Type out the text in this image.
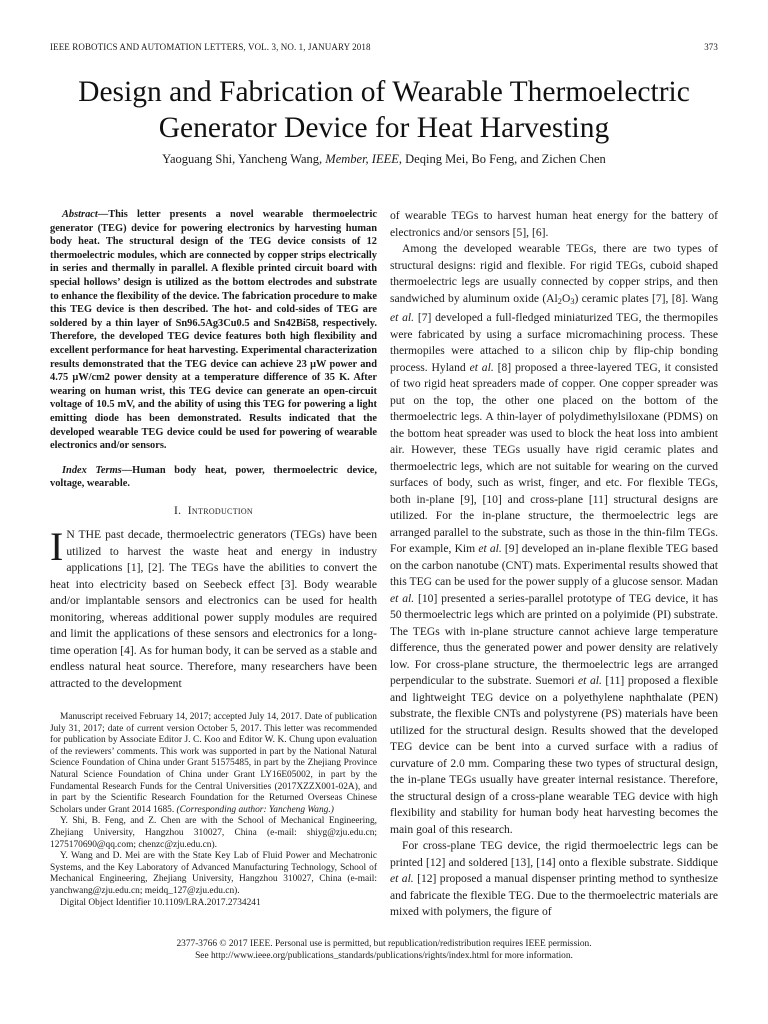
IEEE ROBOTICS AND AUTOMATION LETTERS, VOL. 3, NO. 1, JANUARY 2018	373
Design and Fabrication of Wearable Thermoelectric
Generator Device for Heat Harvesting
Yaoguang Shi, Yancheng Wang, Member, IEEE, Deqing Mei, Bo Feng, and Zichen Chen

Abstract—This letter presents a novel wearable thermoelectric generator (TEG) device for powering electronics by harvesting human body heat. The structural design of the TEG device consists of 12 thermoelectric modules, which are connected by copper strips electrically in series and thermally in parallel. A flexible printed circuit board with special hollows’ design is utilized as the bottom electrodes and substrate to enhance the flexibility of the device. The fabrication procedure to make this TEG device is then described. The hot- and cold-sides of TEG are soldered by a thin layer of Sn96.5Ag3Cu0.5 and Sn42Bi58, respectively. Therefore, the developed TEG device features both high flexibility and excellent performance for heat harvesting. Experimental characterization results demonstrated that the TEG device can achieve 23 μW power and 4.75 μW/cm2 power density at a temperature difference of 35 K. After wearing on human wrist, this TEG device can generate an open-circuit voltage of 10.5 mV, and the ability of using this TEG for powering a light emitting diode has been demonstrated. Results indicated that the developed wearable TEG device could be used for powering of wearable electronics and/or sensors.

Index Terms—Human body heat, power, thermoelectric device, voltage, wearable.

I. Introduction

I N THE past decade, thermoelectric generators (TEGs) have been utilized to harvest the waste heat and energy in industry applications [1], [2]. The TEGs have the abilities to convert the heat into electricity based on Seebeck effect [3]. Body wearable and/or implantable sensors and electronics can be used for health monitoring, whereas additional power supply modules are required and limit the applications of these sensors and electronics for a long-time operation [4]. As for human body, it can be served as a stable and endless natural heat source. Therefore, many researchers have been attracted to the development

Manuscript received February 14, 2017; accepted July 14, 2017. Date of publication July 31, 2017; date of current version October 5, 2017. This letter was recommended for publication by Associate Editor J. C. Koo and Editor W. K. Chung upon evaluation of the reviewers’ comments. This work was supported in part by the National Natural Science Foundation of China under Grant 51575485, in part by the Zhejiang Province Natural Science Foundation of China under Grant LY16E05002, in part by the Fundamental Research Funds for the Central Universities (2017XZZX001-02A), and in part by the Scientific Research Foundation for the Returned Overseas Chinese Scholars under Grant 2014 1685. (Corresponding author: Yancheng Wang.)

Y. Shi, B. Feng, and Z. Chen are with the School of Mechanical Engineering, Zhejiang University, Hangzhou 310027, China (e-mail: shiyg@zju.edu.cn; 1275170690@qq.com; chenzc@zju.edu.cn).

Y. Wang and D. Mei are with the State Key Lab of Fluid Power and Mechatronic Systems, and the Key Laboratory of Advanced Manufacturing Technology, School of Mechanical Engineering, Zhejiang University, Hangzhou 310027, China (e-mail: yanchwang@zju.edu.cn; meidq_127@zju.edu.cn).

Digital Object Identifier 10.1109/LRA.2017.2734241

of wearable TEGs to harvest human heat energy for the battery of electronics and/or sensors [5], [6].

Among the developed wearable TEGs, there are two types of structural designs: rigid and flexible. For rigid TEGs, cuboid shaped thermoelectric legs are usually connected by copper strips, and then sandwiched by aluminum oxide $(Al_2O_3)$ ceramic plates [7], [8]. Wang et al. [7] developed a full-fledged miniaturized TEG, the thermopiles were fabricated by using a surface micromachining process. These thermopiles were attached to a silicon chip by flip-chip bonding process. Hyland et al. [8] proposed a three-layered TEG, it consisted of two rigid heat spreaders made of copper. One copper spreader was put on the top, the other one placed on the bottom of the thermoelectric legs. A thin-layer of polydimethylsiloxane (PDMS) on the bottom heat spreader was used to block the heat loss into ambient air. However, these TEGs usually have rigid ceramic plates and thermoelectric legs, which are not suitable for wearing on the curved surfaces of body, such as wrist, finger, and etc. For flexible TEGs, both in-plane [9], [10] and cross-plane [11] structural designs are utilized. For the in-plane structure, the thermoelectric legs are arranged parallel to the substrate, such as those in the thin-film TEGs. For example, Kim et al. [9] developed an in-plane flexible TEG based on the carbon nanotube (CNT) mats. Experimental results showed that this TEG can be used for the power supply of a glucose sensor. Madan et al. [10] presented a series-parallel prototype of TEG device, it has 50 thermoelectric legs which are printed on a polyimide (PI) substrate. The TEGs with in-plane structure cannot achieve large temperature difference, thus the generated power and power density are relatively low. For cross-plane structure, the thermoelectric legs are arranged perpendicular to the substrate. Suemori et al. [11] proposed a flexible and lightweight TEG device on a polyethylene naphthalate (PEN) substrate, the flexible CNTs and polystyrene (PS) materials have been utilized for the structural design. Results showed that the developed TEG device can be bent into a curved surface with a radius of curvature of 2.0 mm. Comparing these two types of structural design, the in-plane TEGs usually have greater internal resistance. Therefore, the structural design of a cross-plane wearable TEG device with high flexibility and stability for human body heat harvesting becomes the main goal of this research.

For cross-plane TEG device, the rigid thermoelectric legs can be printed [12] and soldered [13], [14] onto a flexible substrate. Siddique et al. [12] proposed a manual dispenser printing method to synthesize and fabricate the flexible TEG. Due to the thermoelectric materials are mixed with polymers, the figure of

2377-3766 © 2017 IEEE. Personal use is permitted, but republication/redistribution requires IEEE permission.
See http://www.ieee.org/publications_standards/publications/rights/index.html for more information.
